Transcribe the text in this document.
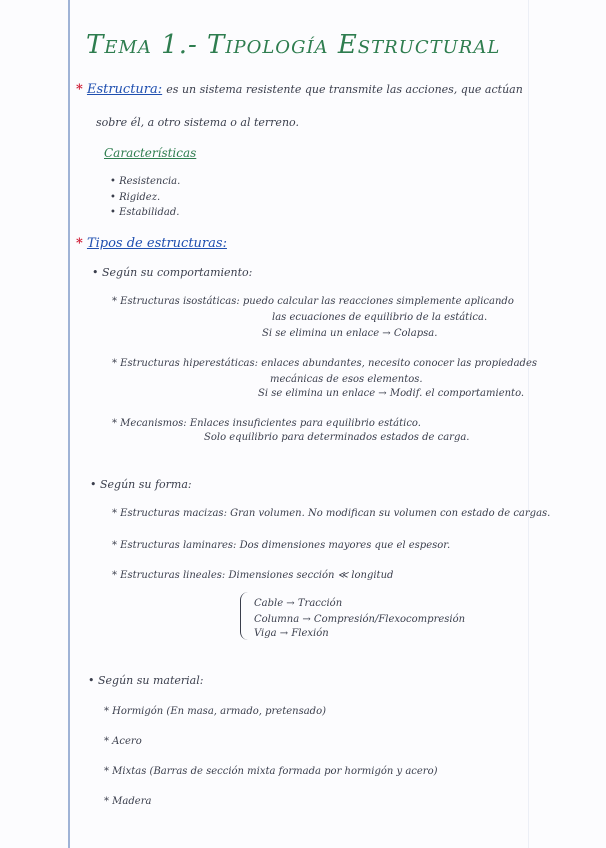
Tema 1.- Tipología Estructural
* Estructura: es un sistema resistente que transmite las acciones, que actúan
sobre él, a otro sistema o al terreno.
Características
• Resistencia.
• Rigidez.
• Estabilidad.
* Tipos de estructuras:
• Según su comportamiento:
* Estructuras isostáticas: puedo calcular las reacciones simplemente aplicando
las ecuaciones de equilibrio de la estática.
Si se elimina un enlace → Colapsa.
* Estructuras hiperestáticas: enlaces abundantes, necesito conocer las propiedades
mecánicas de esos elementos.
Si se elimina un enlace → Modif. el comportamiento.
* Mecanismos: Enlaces insuficientes para equilibrio estático.
Solo equilibrio para determinados estados de carga.
• Según su forma:
* Estructuras macizas: Gran volumen. No modifican su volumen con estado de cargas.
* Estructuras laminares: Dos dimensiones mayores que el espesor.
* Estructuras lineales: Dimensiones sección ≪ longitud
Cable → Tracción
Columna → Compresión/Flexocompresión
Viga → Flexión
• Según su material:
* Hormigón (En masa, armado, pretensado)
* Acero
* Mixtas (Barras de sección mixta formada por hormigón y acero)
* Madera
